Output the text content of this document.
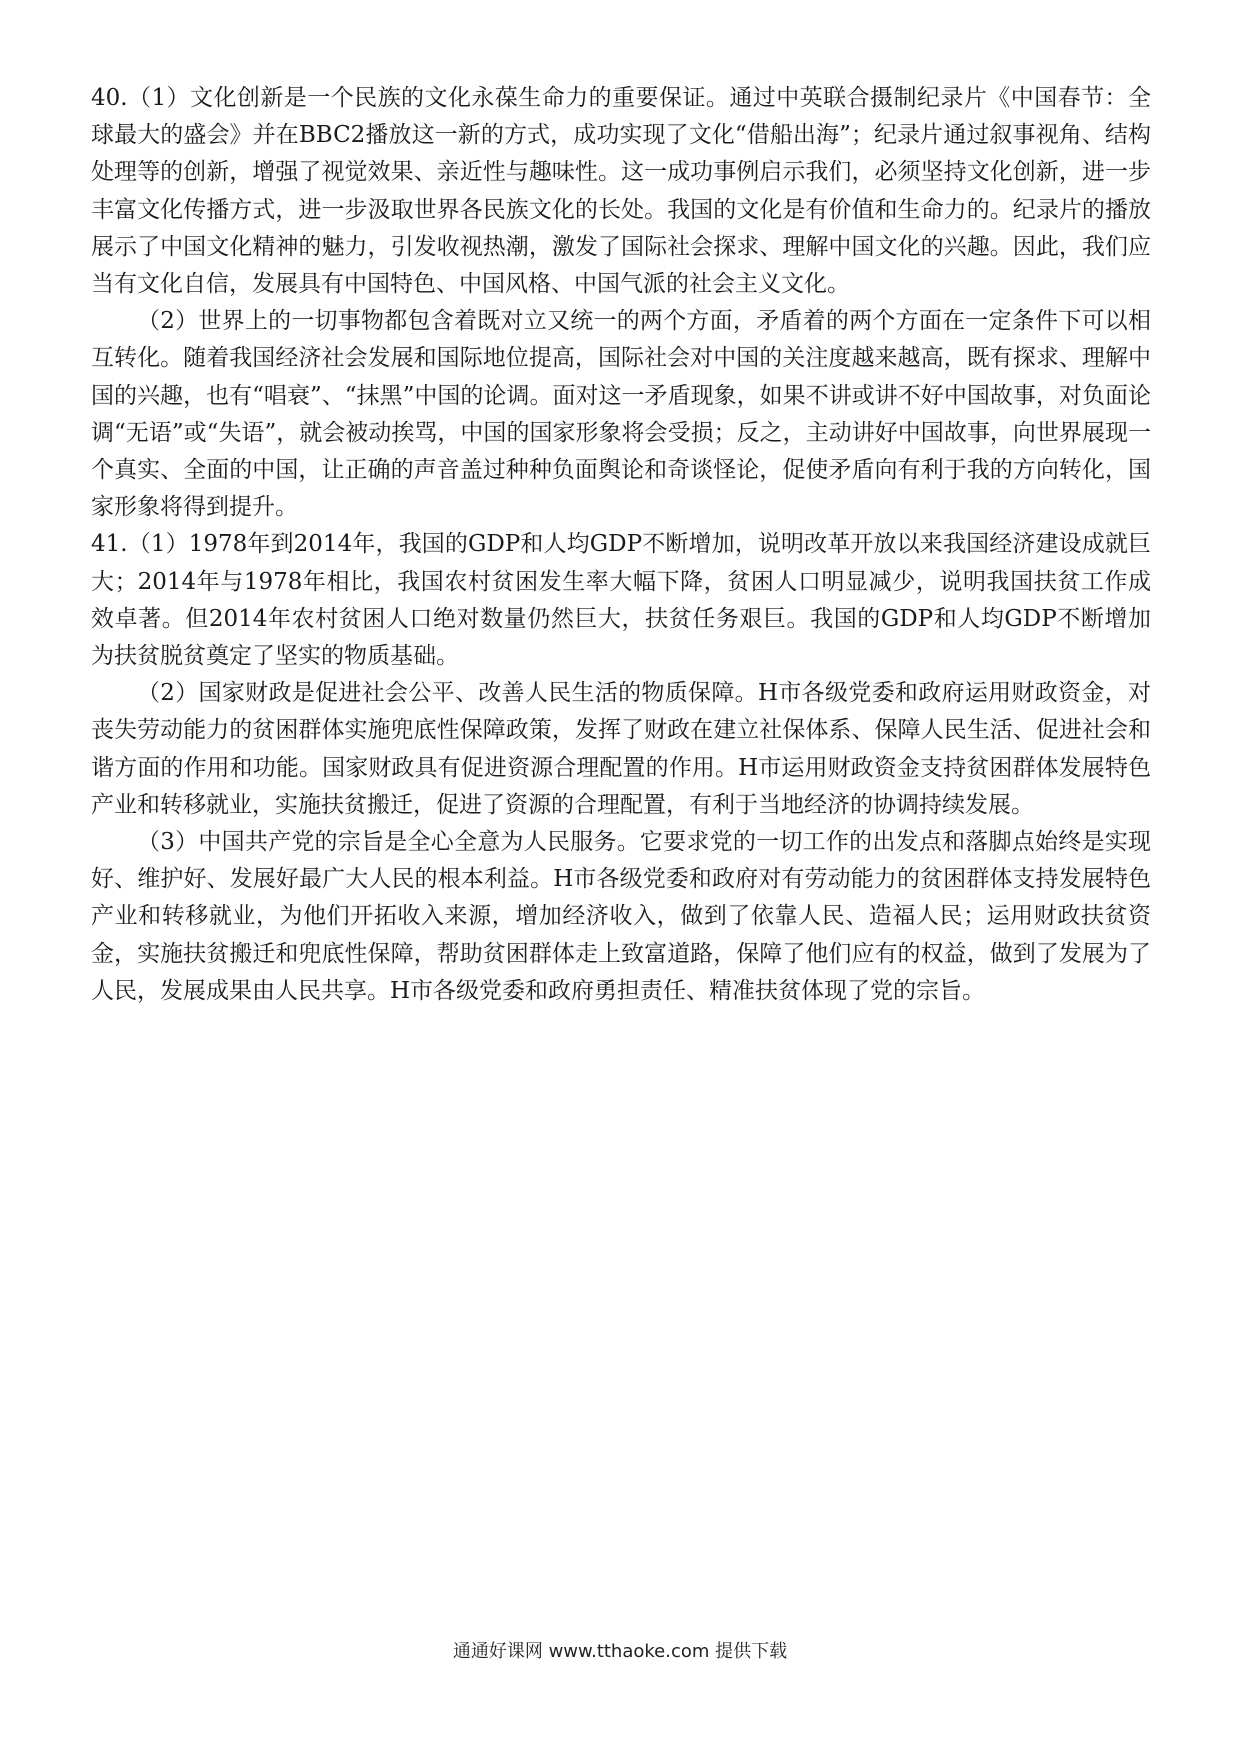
40.（1）文化创新是一个民族的文化永葆生命力的重要保证。通过中英联合摄制纪录片《中国春节：全球最大的盛会》并在BBC2播放这一新的方式，成功实现了文化“借船出海”；纪录片通过叙事视角、结构处理等的创新，增强了视觉效果、亲近性与趣味性。这一成功事例启示我们，必须坚持文化创新，进一步丰富文化传播方式，进一步汲取世界各民族文化的长处。我国的文化是有价值和生命力的。纪录片的播放展示了中国文化精神的魅力，引发收视热潮，激发了国际社会探求、理解中国文化的兴趣。因此，我们应当有文化自信，发展具有中国特色、中国风格、中国气派的社会主义文化。

（2）世界上的一切事物都包含着既对立又统一的两个方面，矛盾着的两个方面在一定条件下可以相互转化。随着我国经济社会发展和国际地位提高，国际社会对中国的关注度越来越高，既有探求、理解中国的兴趣，也有“唱衰”、“抹黑”中国的论调。面对这一矛盾现象，如果不讲或讲不好中国故事，对负面论调“无语”或“失语”，就会被动挨骂，中国的国家形象将会受损；反之，主动讲好中国故事，向世界展现一个真实、全面的中国，让正确的声音盖过种种负面舆论和奇谈怪论，促使矛盾向有利于我的方向转化，国家形象将得到提升。

41.（1）1978年到2014年，我国的GDP和人均GDP不断增加，说明改革开放以来我国经济建设成就巨大；2014年与1978年相比，我国农村贫困发生率大幅下降，贫困人口明显减少，说明我国扶贫工作成效卓著。但2014年农村贫困人口绝对数量仍然巨大，扶贫任务艰巨。我国的GDP和人均GDP不断增加为扶贫脱贫奠定了坚实的物质基础。

（2）国家财政是促进社会公平、改善人民生活的物质保障。H市各级党委和政府运用财政资金，对丧失劳动能力的贫困群体实施兜底性保障政策，发挥了财政在建立社保体系、保障人民生活、促进社会和谐方面的作用和功能。国家财政具有促进资源合理配置的作用。H市运用财政资金支持贫困群体发展特色产业和转移就业，实施扶贫搬迁，促进了资源的合理配置，有利于当地经济的协调持续发展。

（3）中国共产党的宗旨是全心全意为人民服务。它要求党的一切工作的出发点和落脚点始终是实现好、维护好、发展好最广大人民的根本利益。H市各级党委和政府对有劳动能力的贫困群体支持发展特色产业和转移就业，为他们开拓收入来源，增加经济收入，做到了依靠人民、造福人民；运用财政扶贫资金，实施扶贫搬迁和兜底性保障，帮助贫困群体走上致富道路，保障了他们应有的权益，做到了发展为了人民，发展成果由人民共享。H市各级党委和政府勇担责任、精准扶贫体现了党的宗旨。

通通好课网 www.tthaoke.com 提供下载
